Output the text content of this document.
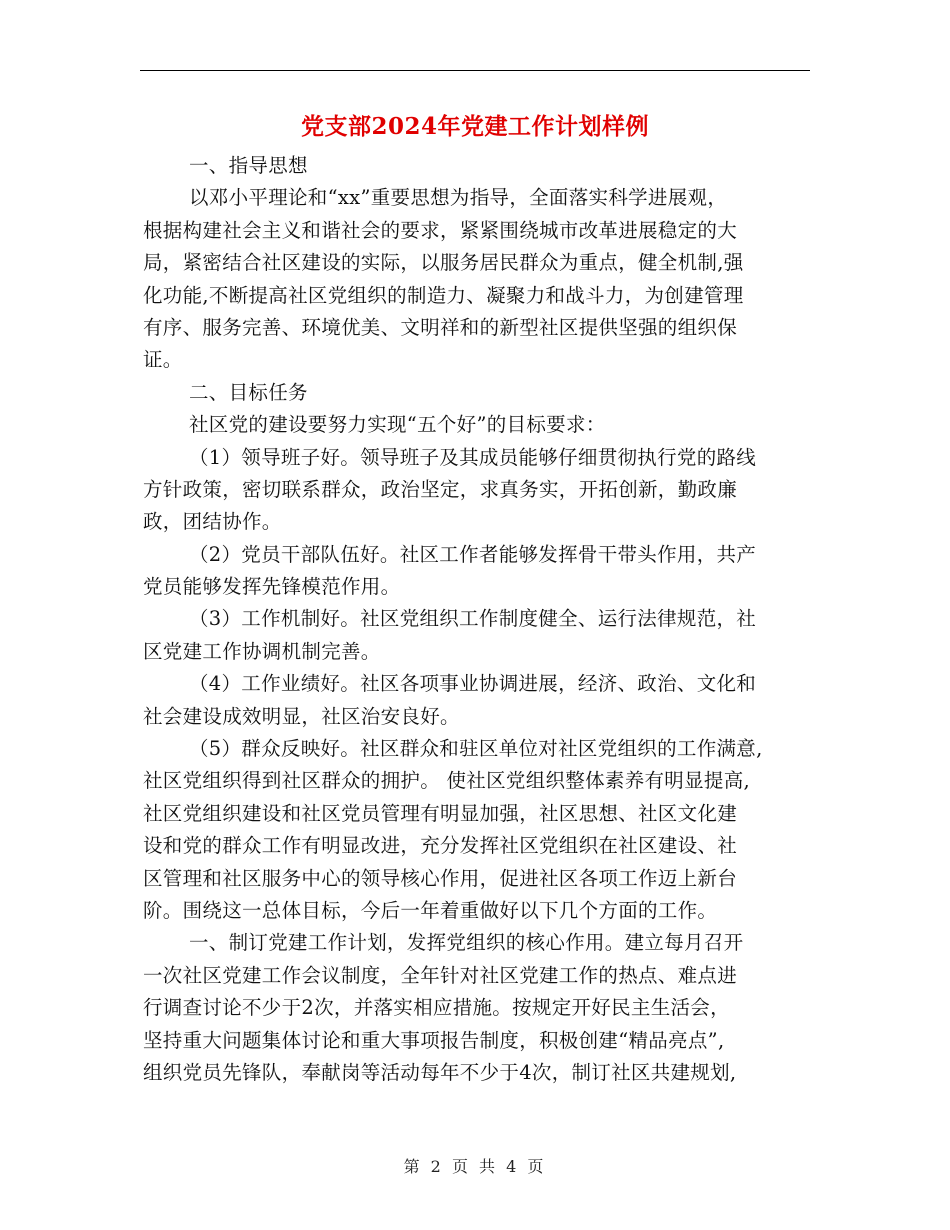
党支部2024年党建工作计划样例
一、指导思想
以邓小平理论和“xx”重要思想为指导，全面落实科学进展观，
根据构建社会主义和谐社会的要求，紧紧围绕城市改革进展稳定的大
局，紧密结合社区建设的实际，以服务居民群众为重点，健全机制,强
化功能,不断提高社区党组织的制造力、凝聚力和战斗力，为创建管理
有序、服务完善、环境优美、文明祥和的新型社区提供坚强的组织保
证。
二、目标任务
社区党的建设要努力实现“五个好”的目标要求：
（1）领导班子好。领导班子及其成员能够仔细贯彻执行党的路线
方针政策，密切联系群众，政治坚定，求真务实，开拓创新，勤政廉
政，团结协作。
（2）党员干部队伍好。社区工作者能够发挥骨干带头作用，共产
党员能够发挥先锋模范作用。
（3）工作机制好。社区党组织工作制度健全、运行法律规范，社
区党建工作协调机制完善。
（4）工作业绩好。社区各项事业协调进展，经济、政治、文化和
社会建设成效明显，社区治安良好。
（5）群众反映好。社区群众和驻区单位对社区党组织的工作满意,
社区党组织得到社区群众的拥护。 使社区党组织整体素养有明显提高,
社区党组织建设和社区党员管理有明显加强，社区思想、社区文化建
设和党的群众工作有明显改进，充分发挥社区党组织在社区建设、社
区管理和社区服务中心的领导核心作用，促进社区各项工作迈上新台
阶。围绕这一总体目标，今后一年着重做好以下几个方面的工作。
一、制订党建工作计划，发挥党组织的核心作用。建立每月召开
一次社区党建工作会议制度，全年针对社区党建工作的热点、难点进
行调查讨论不少于2次，并落实相应措施。按规定开好民主生活会，
坚持重大问题集体讨论和重大事项报告制度，积极创建“精品亮点”,
组织党员先锋队，奉献岗等活动每年不少于4次，制订社区共建规划,
第 2 页 共 4 页
